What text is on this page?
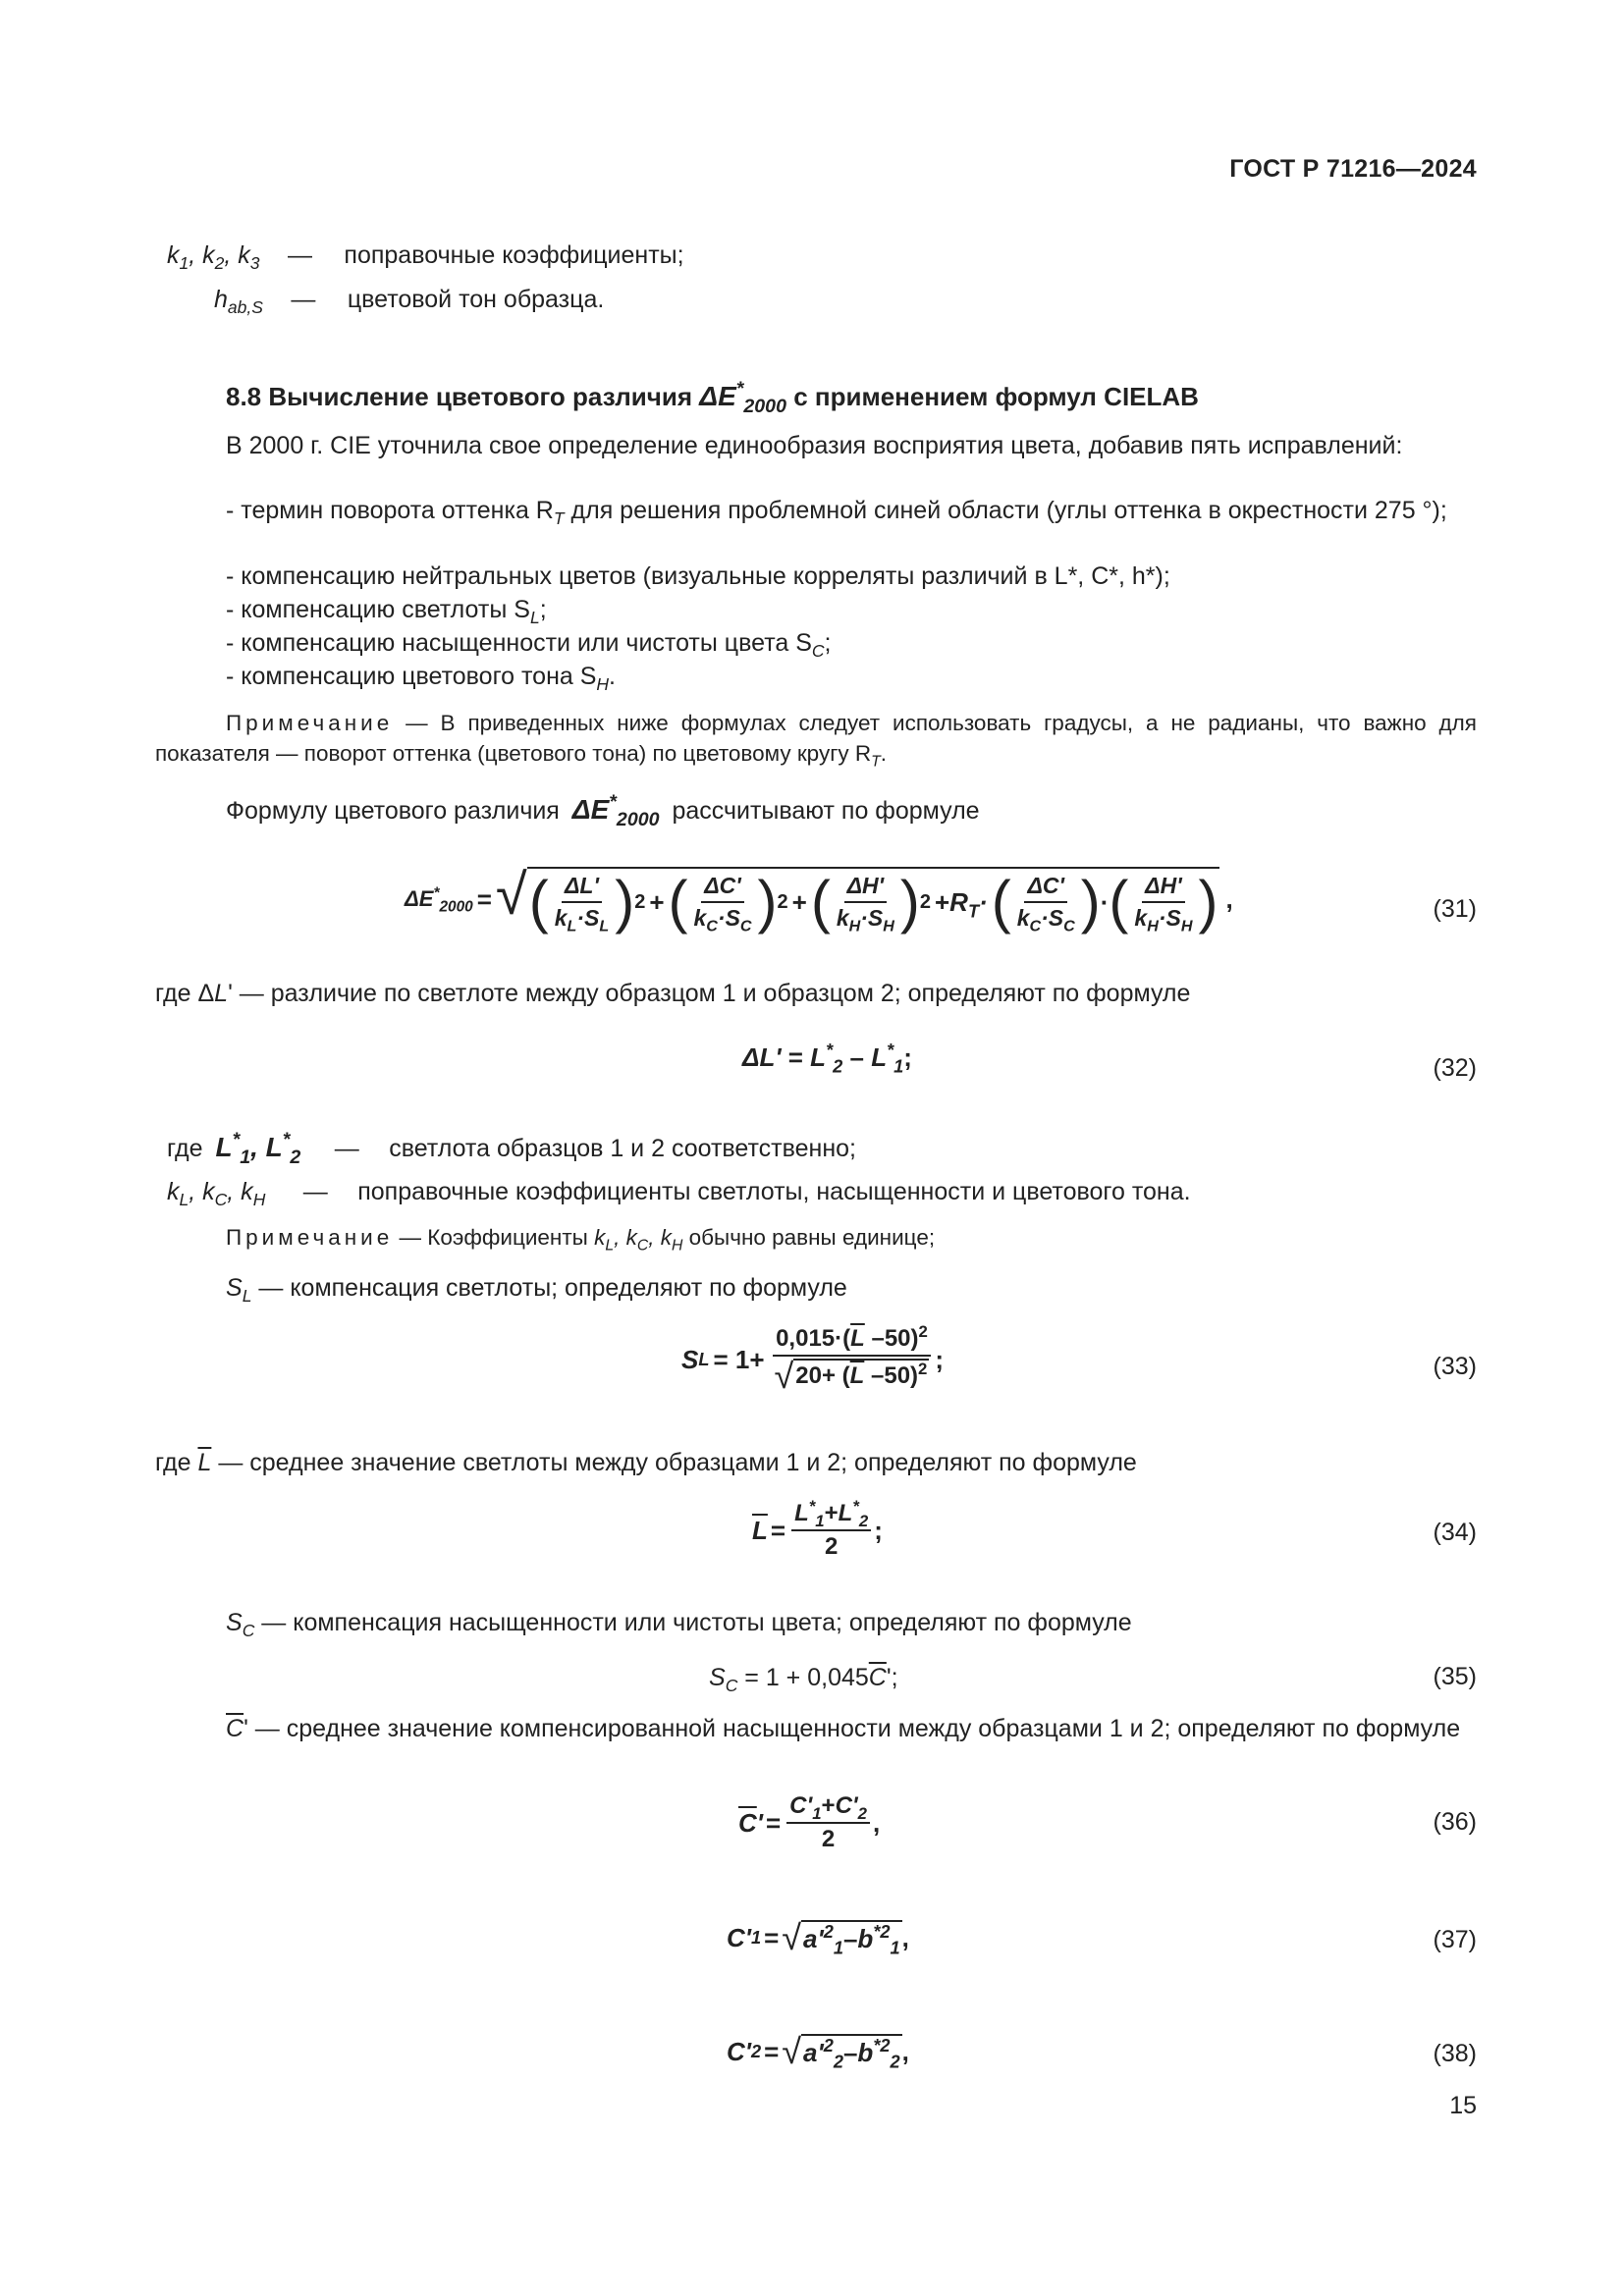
ГОСТ Р 71216—2024
$k_1$, $k_2$, $k_3$ — поправочные коэффициенты;
$h_{ab,S}$ — цветовой тон образца.
8.8 Вычисление цветового различия $\Delta E^*_{2000}$ с применением формул CIELAB
В 2000 г. CIE уточнила свое определение единообразия восприятия цвета, добавив пять исправлений:
- термин поворота оттенка $R_T$ для решения проблемной синей области (углы оттенка в окрестности 275 °);
- компенсацию нейтральных цветов (визуальные корреляты различий в L*, C*, h*);
- компенсацию светлоты $S_L$;
- компенсацию насыщенности или чистоты цвета $S_C$;
- компенсацию цветового тона $S_H$.
Примечание — В приведенных ниже формулах следует использовать градусы, а не радианы, что важно для показателя — поворот оттенка (цветового тона) по цветовому кругу $R_T$.
Формулу цветового различия $\Delta E^*_{2000}$ рассчитывают по формуле
$\Delta E^*_{2000}$ = √ ( $\frac{\Delta L'}{k_L\cdot S_L}$ ) 2 + ( $\frac{\Delta C'}{k_C\cdot S_C}$ ) 2 + ( $\frac{\Delta H'}{k_H\cdot S_H}$ ) $2 +R_T\cdot$ ( $\frac{\Delta C'}{k_C\cdot S_C}$ ) · ( $\frac{\Delta H'}{k_H\cdot S_H}$ ) ,	(31)
где ΔL' — различие по светлоте между образцом 1 и образцом 2; определяют по формуле
$\Delta L' = L^*_2 - L^*_1$;	(32)
где $L^*_1$, $L^*_2$ — светлота образцов 1 и 2 соответственно;
$k_L$, $k_C$, $k_H$ — поправочные коэффициенты светлоты, насыщенности и цветового тона.
Примечание — Коэффициенты $k_L$, $k_C$, $k_H$ обычно равны единице;
$S_L$ — компенсация светлоты; определяют по формуле
S $L = 1+ \frac{0,015\cdot(\overline{L} -50)^2}{√ 20+ (\overline{L} -50)^2}$ ;	(33)
где $\overline{L}$ — среднее значение светлоты между образцами 1 и 2; определяют по формуле
$\overline{L} = \frac{L^*_1+L^*_2}{2}$ ;	(34)
$S_C$ — компенсация насыщенности или чистоты цвета; определяют по формуле
$S_C = 1 + 0,045\overline{C}'$;	(35)
$\overline{C}'$ — среднее значение компенсированной насыщенности между образцами 1 и 2; определяют по формуле
$\overline{C}$ ' = $\frac{C'_1+C'_2}{2}$ ,	(36)
C' 1 = √ $a'^2_1-b^{*2}_1$ ,	(37)
C' 2 = √ $a'^2_2-b^{*2}_2$ ,	(38)
15
